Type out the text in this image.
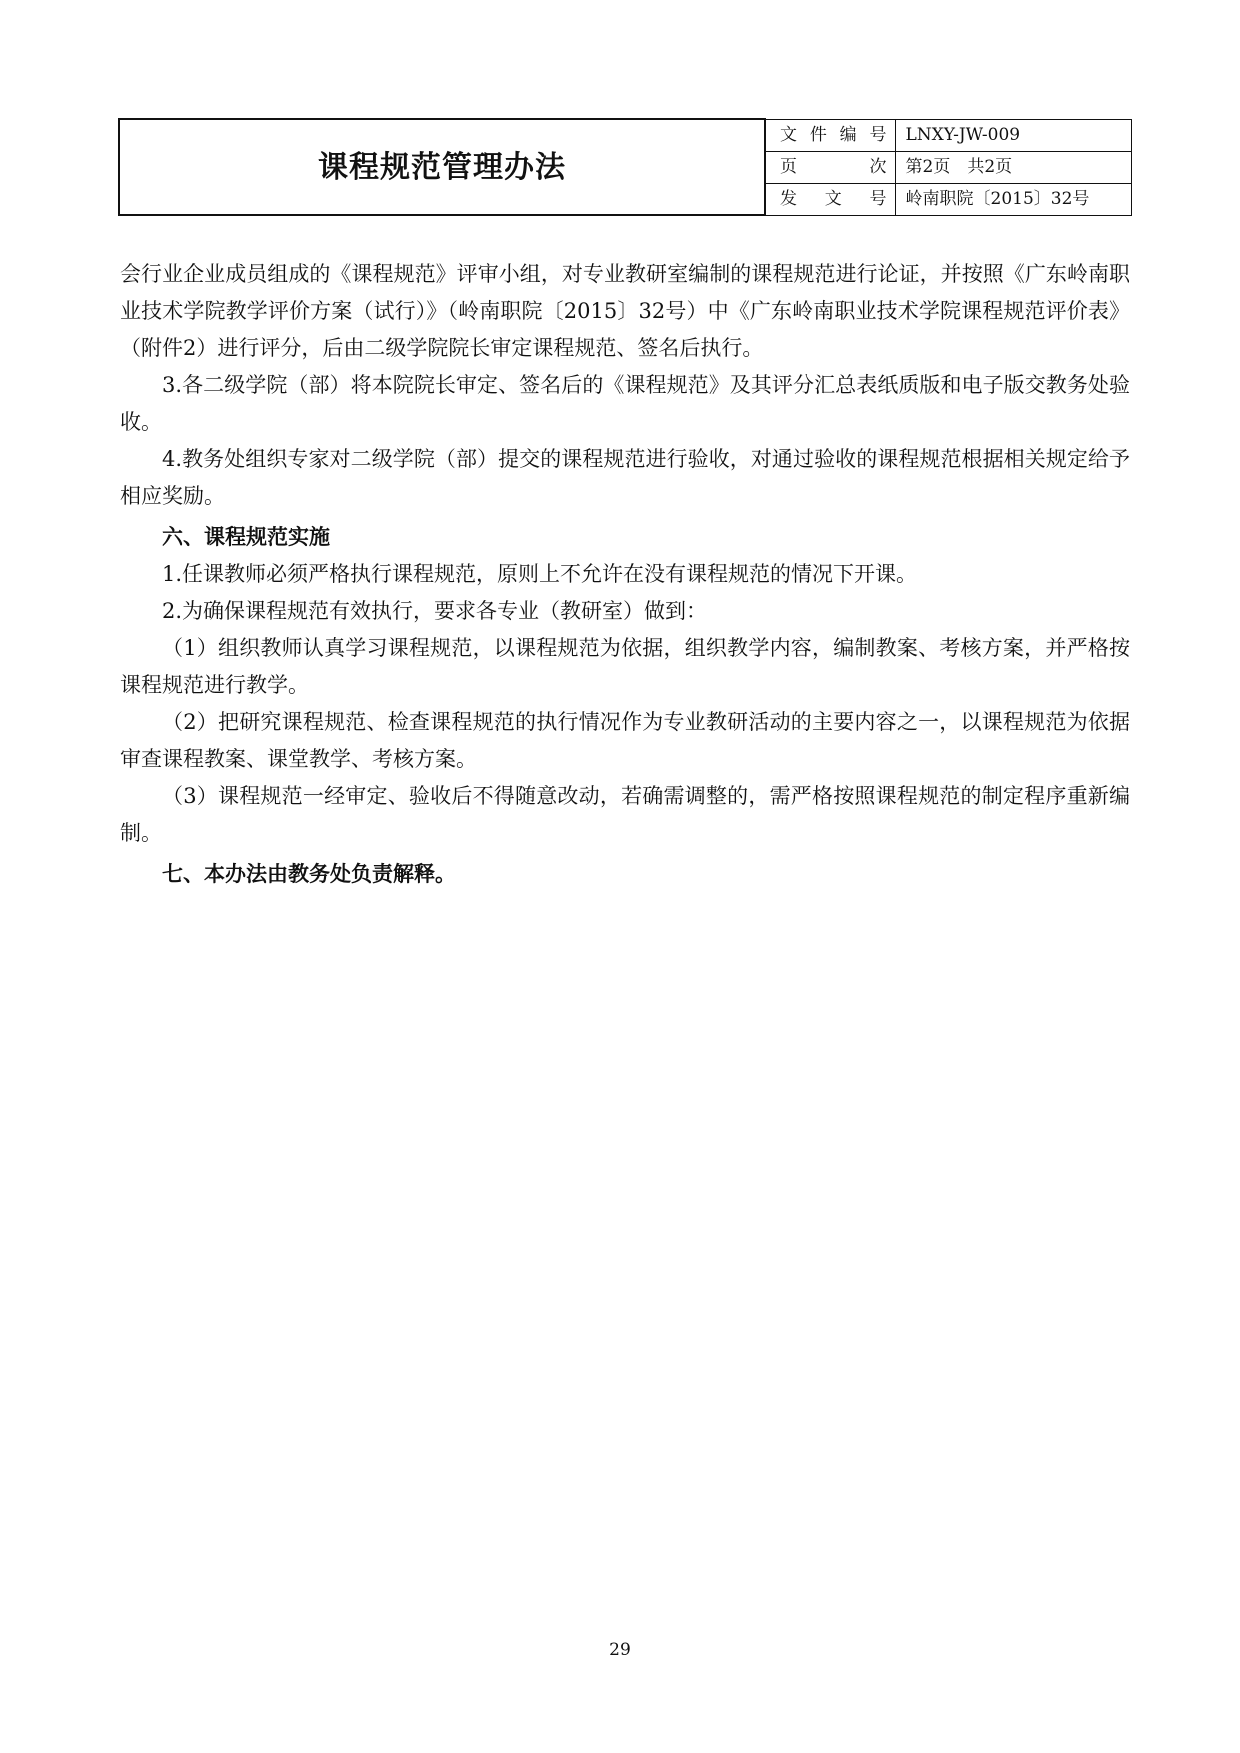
课程规范管理办法	文 件 编 号	LNXY-JW-009

	页 次	第2页　共2页

	发 文 号	岭南职院〔2015〕32号

会行业企业成员组成的《课程规范》评审小组，对专业教研室编制的课程规范进行论证，并按照《广东岭南职业技术学院教学评价方案（试行）》（岭南职院〔2015〕32号）中《广东岭南职业技术学院课程规范评价表》（附件2）进行评分，后由二级学院院长审定课程规范、签名后执行。

3.各二级学院（部）将本院院长审定、签名后的《课程规范》及其评分汇总表纸质版和电子版交教务处验收。

4.教务处组织专家对二级学院（部）提交的课程规范进行验收，对通过验收的课程规范根据相关规定给予相应奖励。

六、课程规范实施

1.任课教师必须严格执行课程规范，原则上不允许在没有课程规范的情况下开课。

2.为确保课程规范有效执行，要求各专业（教研室）做到：

（1）组织教师认真学习课程规范，以课程规范为依据，组织教学内容，编制教案、考核方案，并严格按课程规范进行教学。

（2）把研究课程规范、检查课程规范的执行情况作为专业教研活动的主要内容之一，以课程规范为依据审查课程教案、课堂教学、考核方案。

（3）课程规范一经审定、验收后不得随意改动，若确需调整的，需严格按照课程规范的制定程序重新编制。

七、本办法由教务处负责解释。

29
